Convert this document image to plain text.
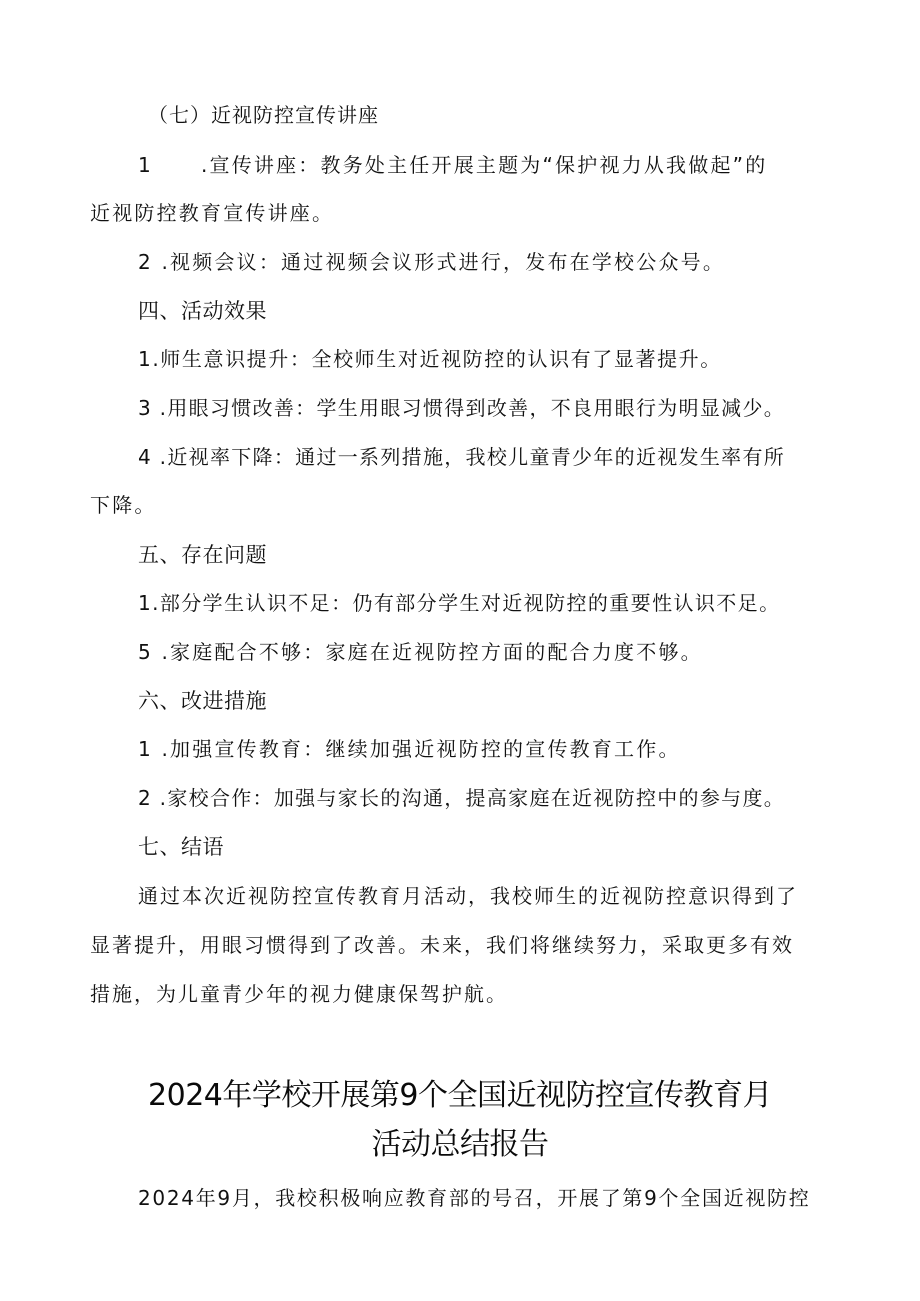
（七）近视防控宣传讲座
1 .宣传讲座：教务处主任开展主题为“保护视力从我做起”的
近视防控教育宣传讲座。
2 .视频会议：通过视频会议形式进行，发布在学校公众号。
四、活动效果
1.师生意识提升：全校师生对近视防控的认识有了显著提升。
3 .用眼习惯改善：学生用眼习惯得到改善，不良用眼行为明显减少。
4 .近视率下降：通过一系列措施，我校儿童青少年的近视发生率有所
下降。
五、存在问题
1.部分学生认识不足：仍有部分学生对近视防控的重要性认识不足。
5 .家庭配合不够：家庭在近视防控方面的配合力度不够。
六、改进措施
1 .加强宣传教育：继续加强近视防控的宣传教育工作。
2 .家校合作：加强与家长的沟通，提高家庭在近视防控中的参与度。
七、结语
通过本次近视防控宣传教育月活动，我校师生的近视防控意识得到了
显著提升，用眼习惯得到了改善。未来，我们将继续努力，采取更多有效
措施，为儿童青少年的视力健康保驾护航。
2024年学校开展第9个全国近视防控宣传教育月
活动总结报告
2024年9月，我校积极响应教育部的号召，开展了第9个全国近视防控
